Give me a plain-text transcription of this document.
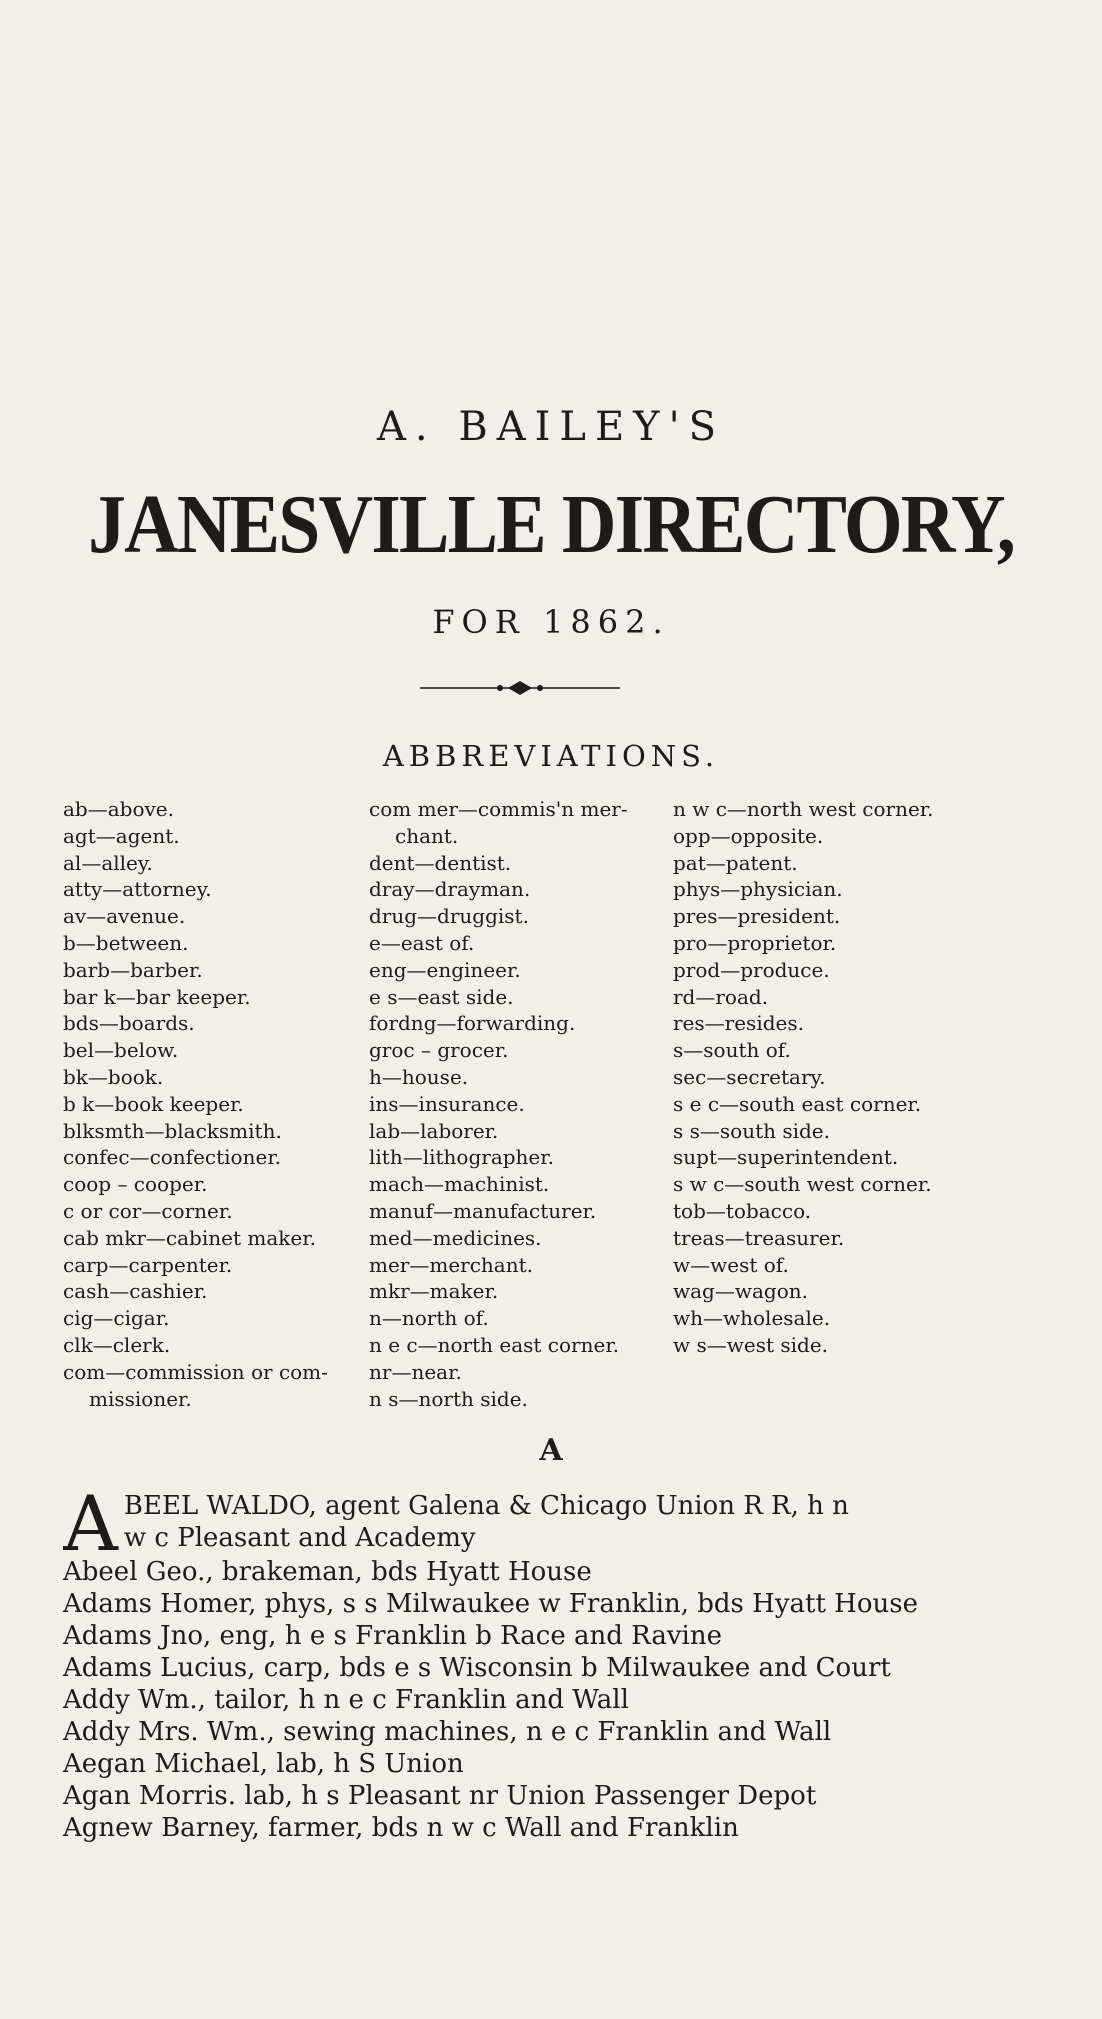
A. BAILEY'S
JANESVILLE DIRECTORY,
FOR 1862.
ABBREVIATIONS.
ab—above.
agt—agent.
al—alley.
atty—attorney.
av—avenue.
b—between.
barb—barber.
bar k—bar keeper.
bds—boards.
bel—below.
bk—book.
b k—book keeper.
blksmth—blacksmith.
confec—confectioner.
coop – cooper.
c or cor—corner.
cab mkr—cabinet maker.
carp—carpenter.
cash—cashier.
cig—cigar.
clk—clerk.
com—commission or com-
missioner.
com mer—commis'n mer-
chant.
dent—dentist.
dray—drayman.
drug—druggist.
e—east of.
eng—engineer.
e s—east side.
fordng—forwarding.
groc – grocer.
h—house.
ins—insurance.
lab—laborer.
lith—lithographer.
mach—machinist.
manuf—manufacturer.
med—medicines.
mer—merchant.
mkr—maker.
n—north of.
n e c—north east corner.
nr—near.
n s—north side.
n w c—north west corner.
opp—opposite.
pat—patent.
phys—physician.
pres—president.
pro—proprietor.
prod—produce.
rd—road.
res—resides.
s—south of.
sec—secretary.
s e c—south east corner.
s s—south side.
supt—superintendent.
s w c—south west corner.
tob—tobacco.
treas—treasurer.
w—west of.
wag—wagon.
wh—wholesale.
w s—west side.
A
A BEEL WALDO, agent Galena & Chicago Union R R, h n
w c Pleasant and Academy
Abeel Geo., brakeman, bds Hyatt House
Adams Homer, phys, s s Milwaukee w Franklin, bds Hyatt House
Adams Jno, eng, h e s Franklin b Race and Ravine
Adams Lucius, carp, bds e s Wisconsin b Milwaukee and Court
Addy Wm., tailor, h n e c Franklin and Wall
Addy Mrs. Wm., sewing machines, n e c Franklin and Wall
Aegan Michael, lab, h S Union
Agan Morris. lab, h s Pleasant nr Union Passenger Depot
Agnew Barney, farmer, bds n w c Wall and Franklin
